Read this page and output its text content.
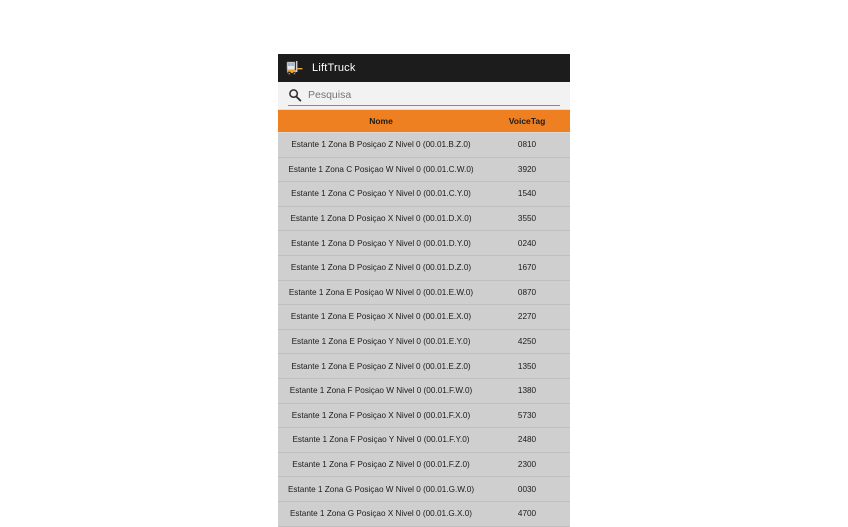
LiftTruck
Pesquisa
Nome	VoiceTag
Estante 1 Zona B Posiçao Z Nivel 0 (00.01.B.Z.0)	0810
Estante 1 Zona C Posiçao W Nivel 0 (00.01.C.W.0)	3920
Estante 1 Zona C Posiçao Y Nivel 0 (00.01.C.Y.0)	1540
Estante 1 Zona D Posiçao X Nivel 0 (00.01.D.X.0)	3550
Estante 1 Zona D Posiçao Y Nivel 0 (00.01.D.Y.0)	0240
Estante 1 Zona D Posiçao Z Nivel 0 (00.01.D.Z.0)	1670
Estante 1 Zona E Posiçao W Nivel 0 (00.01.E.W.0)	0870
Estante 1 Zona E Posiçao X Nivel 0 (00.01.E.X.0)	2270
Estante 1 Zona E Posiçao Y Nivel 0 (00.01.E.Y.0)	4250
Estante 1 Zona E Posiçao Z Nivel 0 (00.01.E.Z.0)	1350
Estante 1 Zona F Posiçao W Nivel 0 (00.01.F.W.0)	1380
Estante 1 Zona F Posiçao X Nivel 0 (00.01.F.X.0)	5730
Estante 1 Zona F Posiçao Y Nivel 0 (00.01.F.Y.0)	2480
Estante 1 Zona F Posiçao Z Nivel 0 (00.01.F.Z.0)	2300
Estante 1 Zona G Posiçao W Nivel 0 (00.01.G.W.0)	0030
Estante 1 Zona G Posiçao X Nivel 0 (00.01.G.X.0)	4700
